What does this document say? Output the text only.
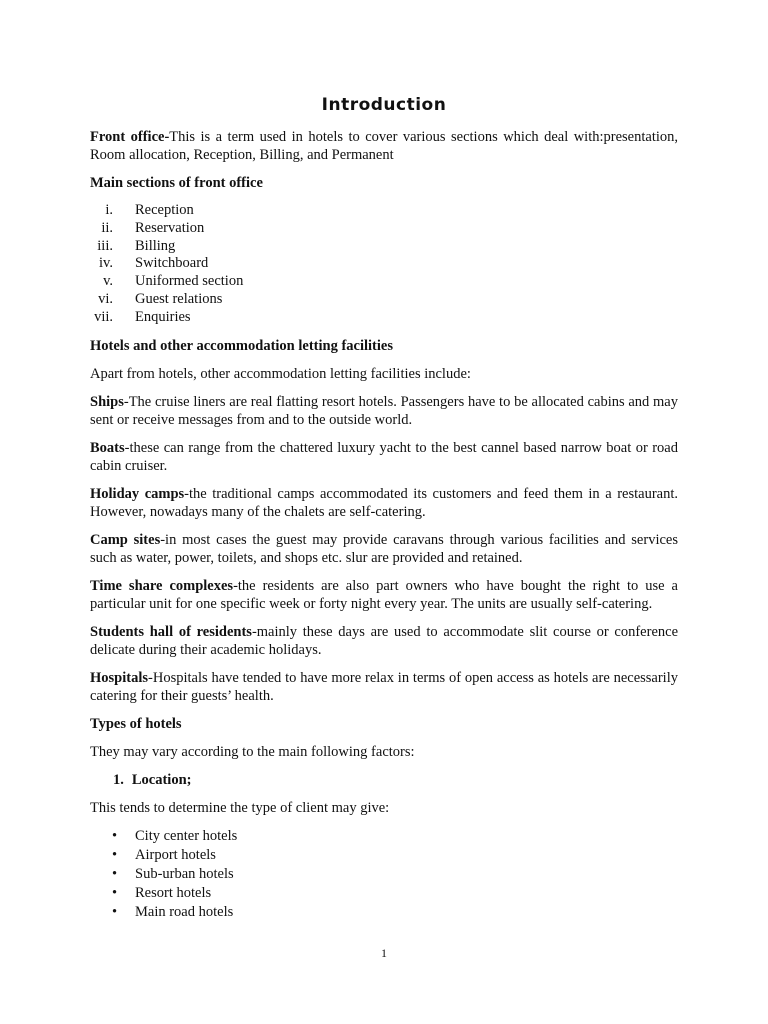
Introduction

Front office-This is a term used in hotels to cover various sections which deal with:presentation, Room allocation, Reception, Billing, and Permanent

Main sections of front office
i. Reception
ii. Reservation
iii. Billing
iv. Switchboard
v. Uniformed section
vi. Guest relations
vii. Enquiries
Hotels and other accommodation letting facilities

Apart from hotels, other accommodation letting facilities include:

Ships-The cruise liners are real flatting resort hotels. Passengers have to be allocated cabins and may sent or receive messages from and to the outside world.

Boats-these can range from the chattered luxury yacht to the best cannel based narrow boat or road cabin cruiser.

Holiday camps-the traditional camps accommodated its customers and feed them in a restaurant. However, nowadays many of the chalets are self-catering.

Camp sites-in most cases the guest may provide caravans through various facilities and services such as water, power, toilets, and shops etc. slur are provided and retained.

Time share complexes-the residents are also part owners who have bought the right to use a particular unit for one specific week or forty night every year. The units are usually self-catering.

Students hall of residents-mainly these days are used to accommodate slit course or conference delicate during their academic holidays.

Hospitals-Hospitals have tended to have more relax in terms of open access as hotels are necessarily catering for their guests’ health.

Types of hotels

They may vary according to the main following factors:

1. Location;

This tends to determine the type of client may give:

•	City center hotels
•	Airport hotels
•	Sub-urban hotels
•	Resort hotels
•	Main road hotels
1
